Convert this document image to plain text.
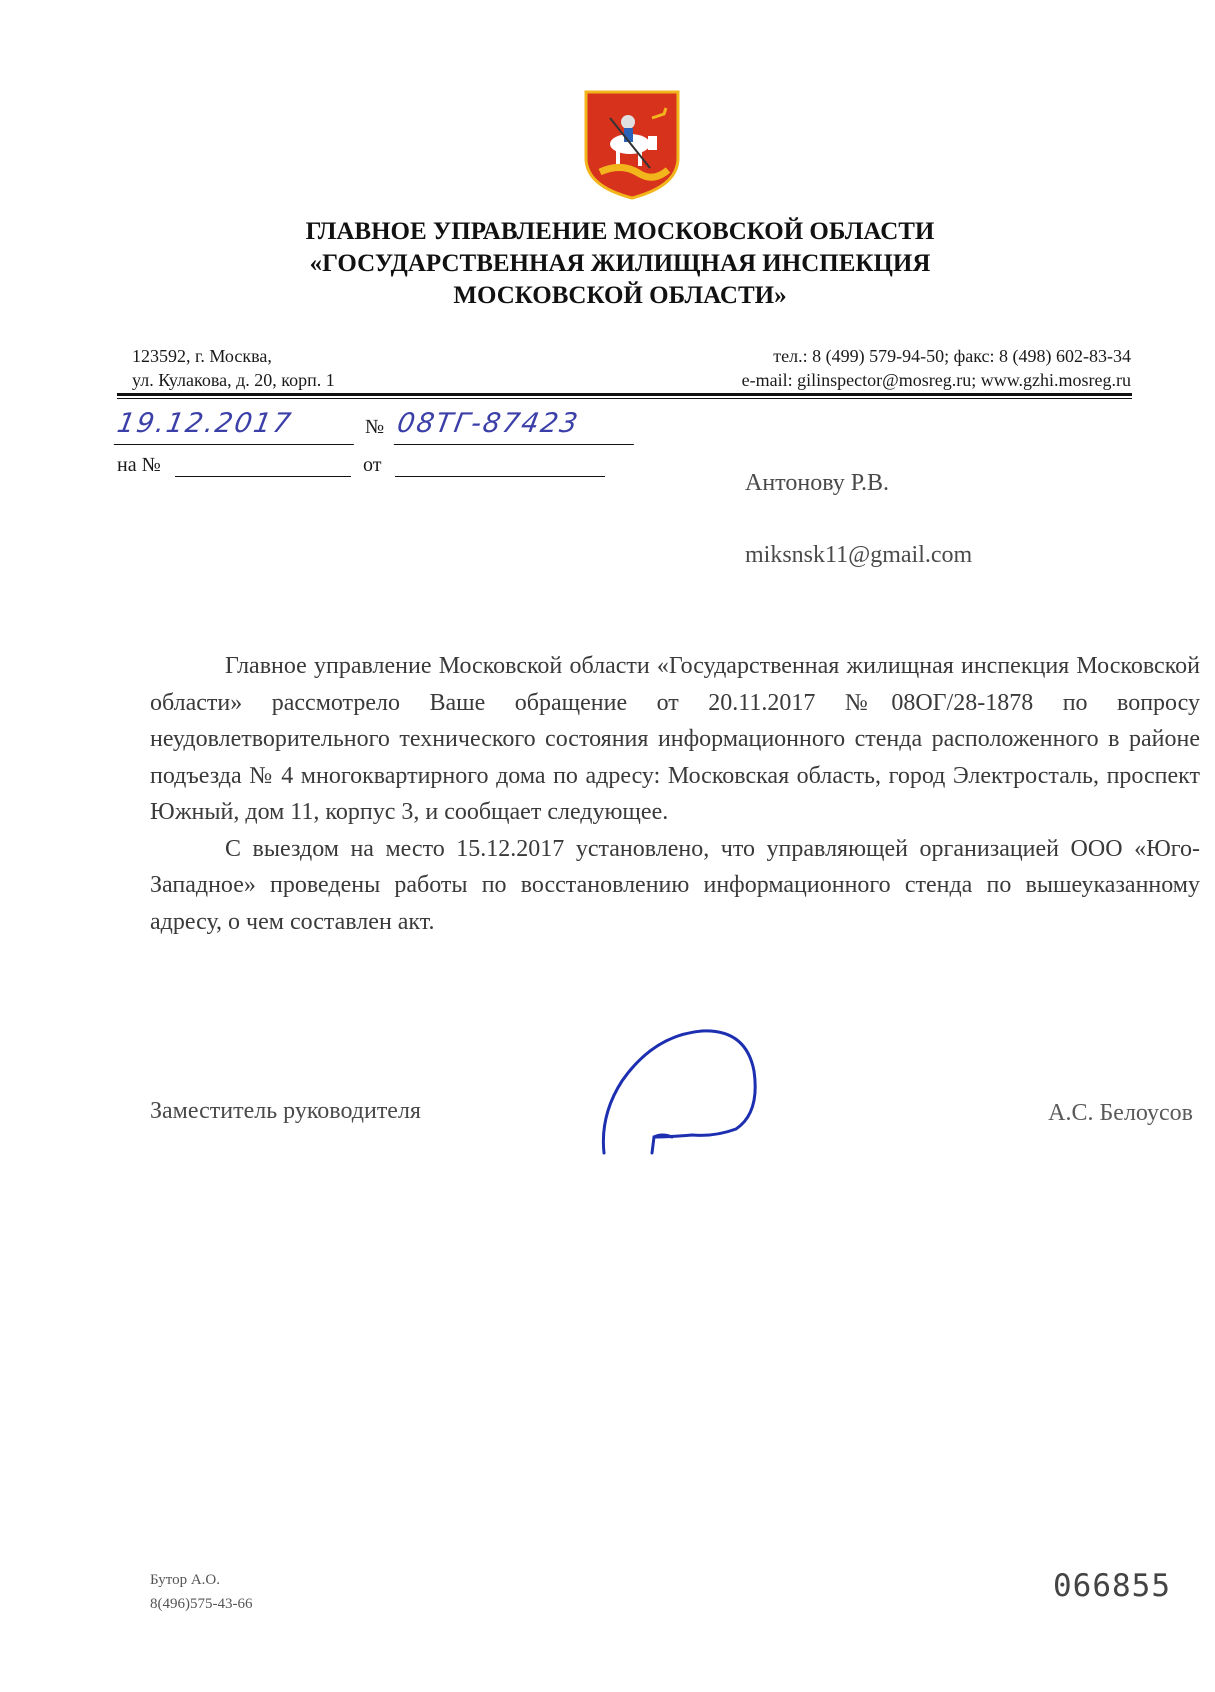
ГЛАВНОЕ УПРАВЛЕНИЕ МОСКОВСКОЙ ОБЛАСТИ
«ГОСУДАРСТВЕННАЯ ЖИЛИЩНАЯ ИНСПЕКЦИЯ
МОСКОВСКОЙ ОБЛАСТИ»
123592, г. Москва,
ул. Кулакова, д. 20, корп. 1
тел.: 8 (499) 579-94-50; факс: 8 (498) 602-83-34
e-mail: gilinspector@mosreg.ru; www.gzhi.mosreg.ru
19.12.2017	№ 08ТГ-87423
на №	от
Антонову Р.В.
miksnsk11@gmail.com

Главное управление Московской области «Государственная жилищная инспекция Московской области» рассмотрело Ваше обращение от 20.11.2017 №08ОГ/28-1878 по вопросу неудовлетворительного технического состояния информационного стенда расположенного в районе подъезда № 4 многоквартирного дома по адресу: Московская область, город Электросталь, проспект Южный, дом 11, корпус 3, и сообщает следующее.

С выездом на место 15.12.2017 установлено, что управляющей организацией ООО «Юго-Западное» проведены работы по восстановлению информационного стенда по вышеуказанному адресу, о чем составлен акт.

Заместитель руководителя	А.С. Белоусов
Бутор А.О.
8(496)575-43-66	066855
